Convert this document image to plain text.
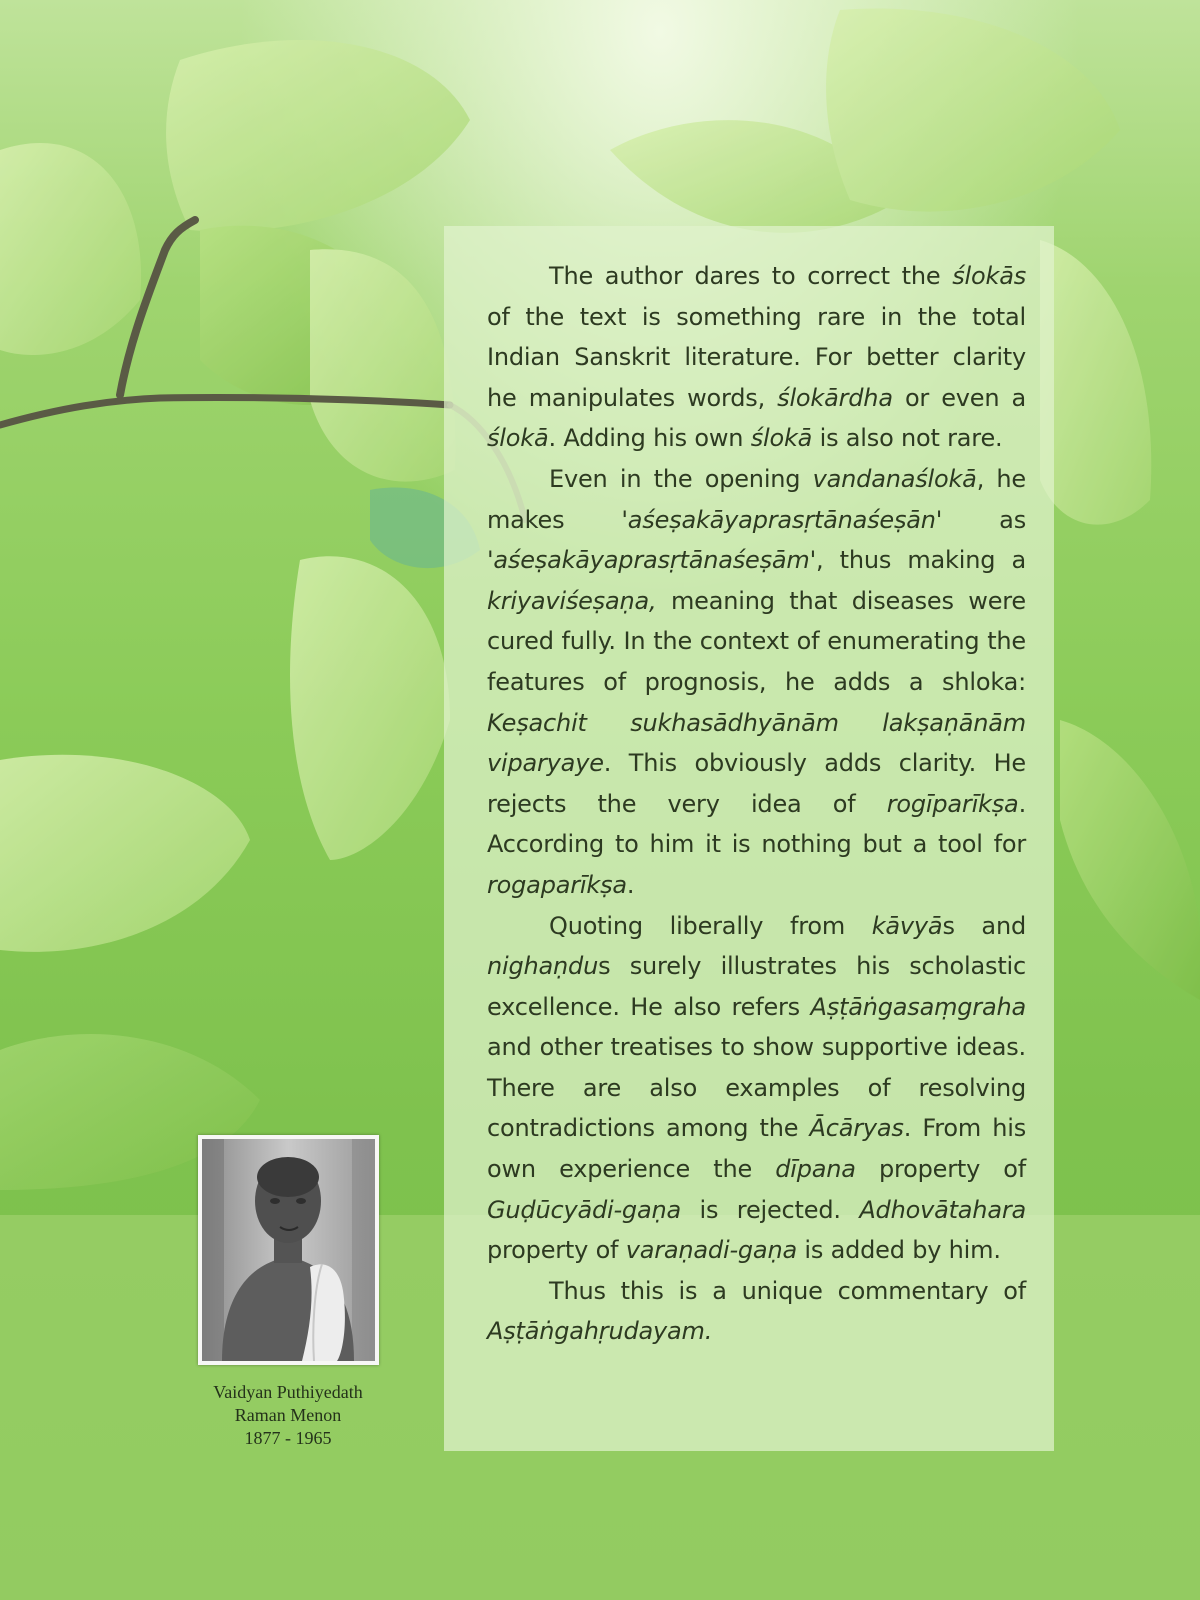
The author dares to correct the ślokās of the text is something rare in the total Indian Sanskrit literature. For better clarity he manipulates words, ślokārdha or even a ślokā. Adding his own ślokā is also not rare.

Even in the opening vandanaślokā, he makes 'aśeṣakāyaprasṛtānaśeṣān' as 'aśeṣakāyaprasṛtānaśeṣām', thus making a kriyaviśeṣaṇa, meaning that diseases were cured fully. In the context of enumerating the features of prognosis, he adds a shloka: Keṣachit sukhasādhyānām lakṣaṇānām viparyaye. This obviously adds clarity. He rejects the very idea of rogīparīkṣa. According to him it is nothing but a tool for rogaparīkṣa.

Quoting liberally from kāvyās and nighaṇdus surely illustrates his scholastic excellence. He also refers Aṣṭāṅgasaṃgraha and other treatises to show supportive ideas. There are also examples of resolving contradictions among the Ācāryas. From his own experience the dīpana property of Guḍūcyādi-gaṇa is rejected. Adhovātahara property of varaṇadi-gaṇa is added by him.

Thus this is a unique commentary of Aṣṭāṅgahṛudayam.

Vaidyan Puthiyedath
Raman Menon
1877 - 1965
